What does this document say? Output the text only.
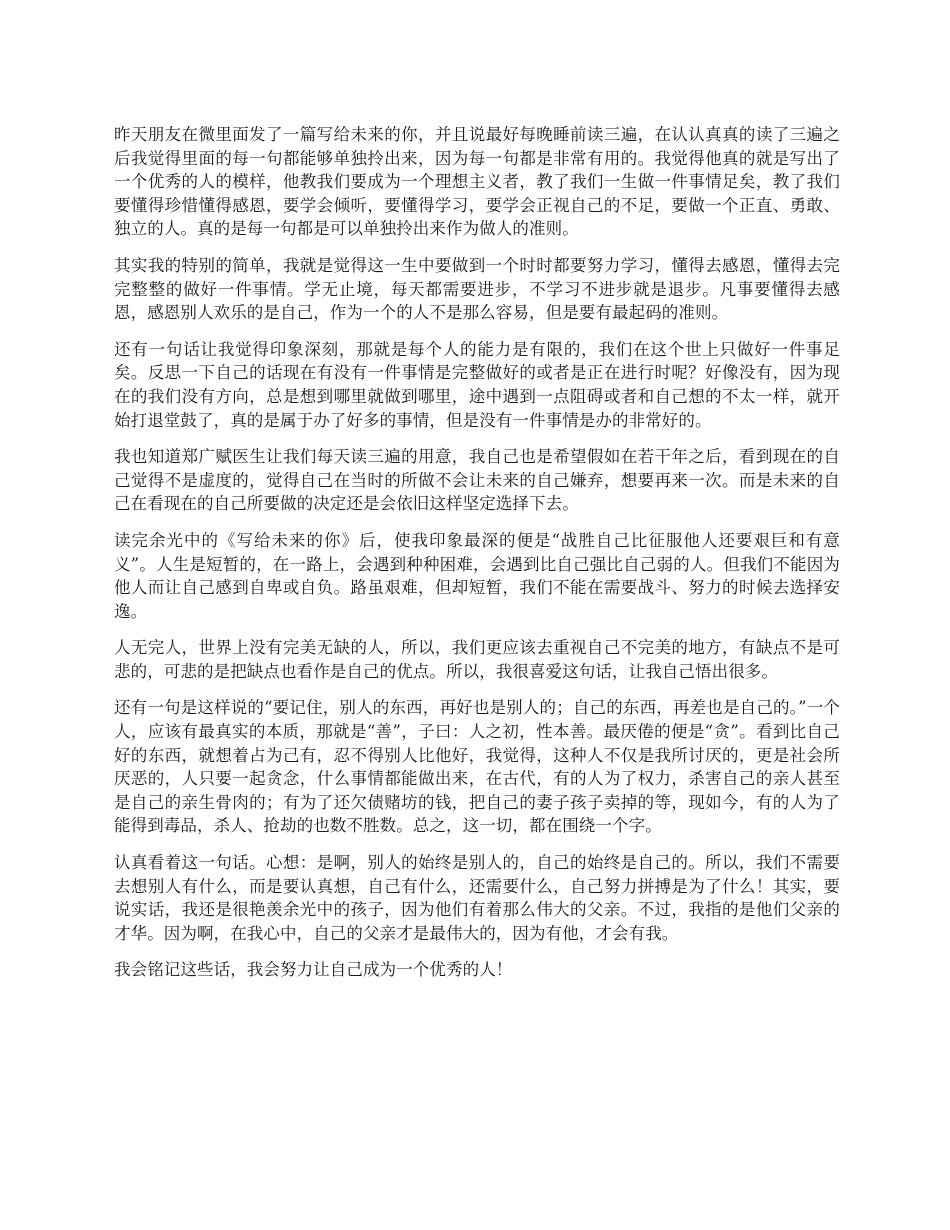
昨天朋友在微里面发了一篇写给未来的你，并且说最好每晚睡前读三遍，在认认真真的读了三遍之后我觉得里面的每一句都能够单独拎出来，因为每一句都是非常有用的。我觉得他真的就是写出了一个优秀的人的模样，他教我们要成为一个理想主义者，教了我们一生做一件事情足矣，教了我们要懂得珍惜懂得感恩，要学会倾听，要懂得学习，要学会正视自己的不足，要做一个正直、勇敢、独立的人。真的是每一句都是可以单独拎出来作为做人的准则。

其实我的特别的简单，我就是觉得这一生中要做到一个时时都要努力学习，懂得去感恩，懂得去完完整整的做好一件事情。学无止境，每天都需要进步，不学习不进步就是退步。凡事要懂得去感恩，感恩别人欢乐的是自己，作为一个的人不是那么容易，但是要有最起码的准则。

还有一句话让我觉得印象深刻，那就是每个人的能力是有限的，我们在这个世上只做好一件事足矣。反思一下自己的话现在有没有一件事情是完整做好的或者是正在进行时呢？好像没有，因为现在的我们没有方向，总是想到哪里就做到哪里，途中遇到一点阻碍或者和自己想的不太一样，就开始打退堂鼓了，真的是属于办了好多的事情，但是没有一件事情是办的非常好的。

我也知道郑广赋医生让我们每天读三遍的用意，我自己也是希望假如在若干年之后，看到现在的自己觉得不是虚度的，觉得自己在当时的所做不会让未来的自己嫌弃，想要再来一次。而是未来的自己在看现在的自己所要做的决定还是会依旧这样坚定选择下去。

读完余光中的《写给未来的你》后，使我印象最深的便是“战胜自己比征服他人还要艰巨和有意义”。人生是短暂的，在一路上，会遇到种种困难，会遇到比自己强比自己弱的人。但我们不能因为他人而让自己感到自卑或自负。路虽艰难，但却短暂，我们不能在需要战斗、努力的时候去选择安逸。

人无完人，世界上没有完美无缺的人，所以，我们更应该去重视自己不完美的地方，有缺点不是可悲的，可悲的是把缺点也看作是自己的优点。所以，我很喜爱这句话，让我自己悟出很多。

还有一句是这样说的“要记住，别人的东西，再好也是别人的；自己的东西，再差也是自己的。”一个人，应该有最真实的本质，那就是“善”，子曰：人之初，性本善。最厌倦的便是“贪”。看到比自己好的东西，就想着占为己有，忍不得别人比他好，我觉得，这种人不仅是我所讨厌的，更是社会所厌恶的，人只要一起贪念，什么事情都能做出来，在古代，有的人为了权力，杀害自己的亲人甚至是自己的亲生骨肉的；有为了还欠债赌坊的钱，把自己的妻子孩子卖掉的等，现如今，有的人为了能得到毒品，杀人、抢劫的也数不胜数。总之，这一切，都在围绕一个字。

认真看着这一句话。心想：是啊，别人的始终是别人的，自己的始终是自己的。所以，我们不需要去想别人有什么，而是要认真想，自己有什么，还需要什么，自己努力拼搏是为了什么！其实，要说实话，我还是很艳羡余光中的孩子，因为他们有着那么伟大的父亲。不过，我指的是他们父亲的才华。因为啊，在我心中，自己的父亲才是最伟大的，因为有他，才会有我。

我会铭记这些话，我会努力让自己成为一个优秀的人！
